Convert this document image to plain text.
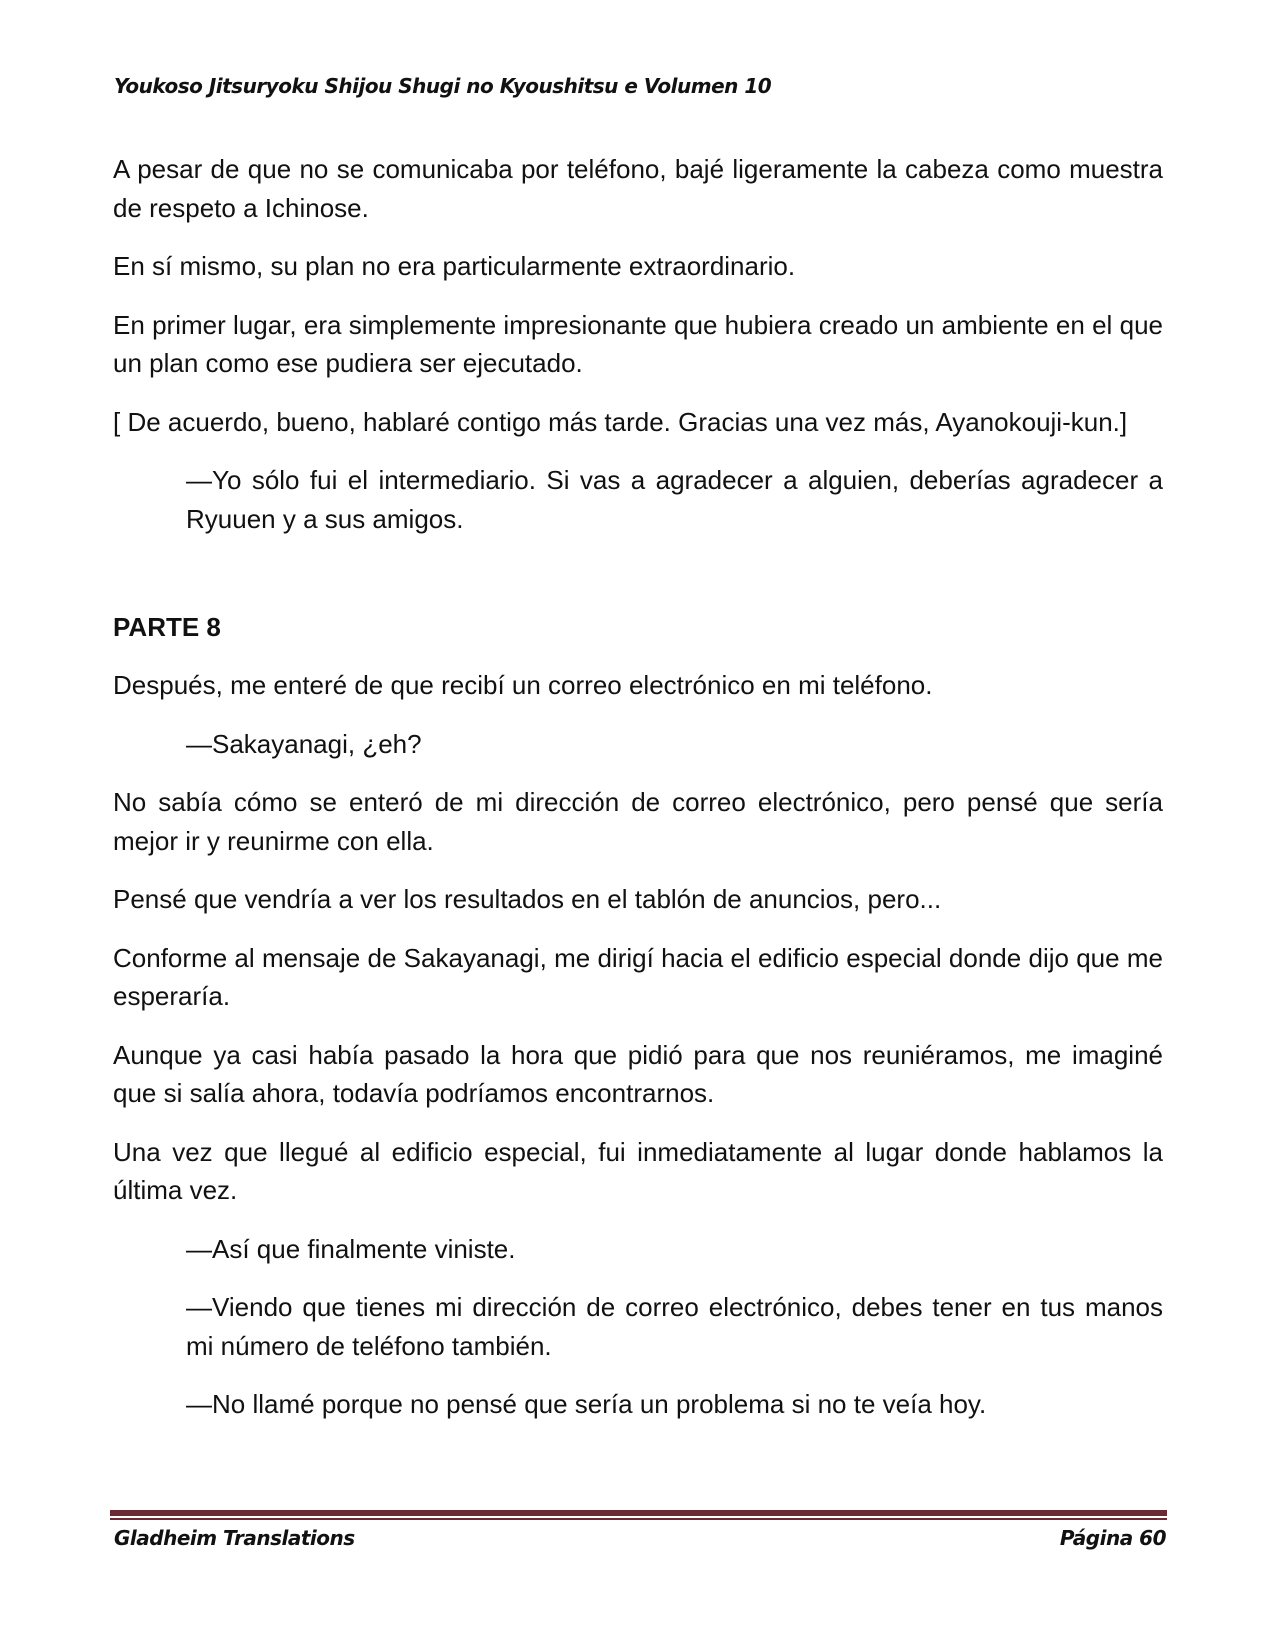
Youkoso Jitsuryoku Shijou Shugi no Kyoushitsu e Volumen 10

A pesar de que no se comunicaba por teléfono, bajé ligeramente la cabeza como muestra de respeto a Ichinose.

En sí mismo, su plan no era particularmente extraordinario.

En primer lugar, era simplemente impresionante que hubiera creado un ambiente en el que un plan como ese pudiera ser ejecutado.

[ De acuerdo, bueno, hablaré contigo más tarde. Gracias una vez más, Ayanokouji-kun.]

—Yo sólo fui el intermediario. Si vas a agradecer a alguien, deberías agradecer a Ryuuen y a sus amigos.

PARTE 8

Después, me enteré de que recibí un correo electrónico en mi teléfono.

—Sakayanagi, ¿eh?

No sabía cómo se enteró de mi dirección de correo electrónico, pero pensé que sería mejor ir y reunirme con ella.

Pensé que vendría a ver los resultados en el tablón de anuncios, pero...

Conforme al mensaje de Sakayanagi, me dirigí hacia el edificio especial donde dijo que me esperaría.

Aunque ya casi había pasado la hora que pidió para que nos reuniéramos, me imaginé que si salía ahora, todavía podríamos encontrarnos.

Una vez que llegué al edificio especial, fui inmediatamente al lugar donde hablamos la última vez.

—Así que finalmente viniste.

—Viendo que tienes mi dirección de correo electrónico, debes tener en tus manos mi número de teléfono también.

—No llamé porque no pensé que sería un problema si no te veía hoy.

Gladheim Translations	Página 60
